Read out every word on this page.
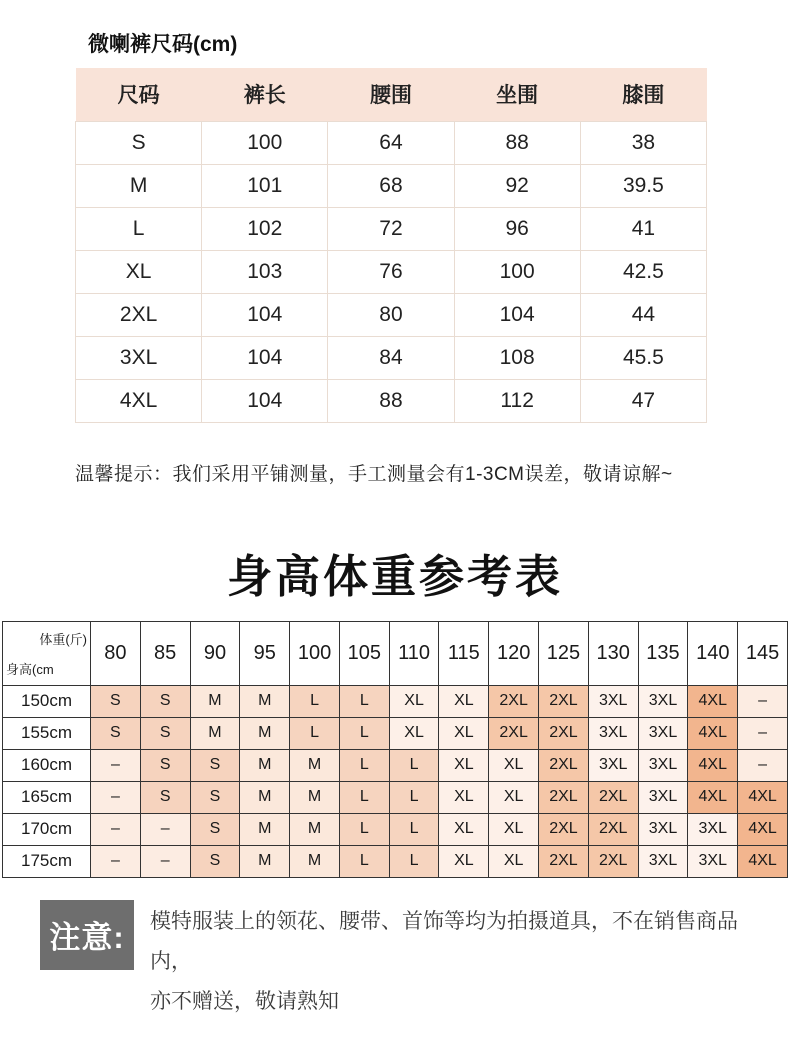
微喇裤尺码(cm)
尺码	裤长	腰围	坐围	膝围
S	100	64	88	38
M	101	68	92	39.5
L	102	72	96	41
XL	103	76	100	42.5
2XL	104	80	104	44
3XL	104	84	108	45.5
4XL	104	88	112	47

温馨提示：我们采用平铺测量，手工测量会有1-3CM误差，敬请谅解~

身高体重参考表
体重(斤)
身高(cm	80	85	90	95	100	105	110	115	120	125	130	135	140	145
150cm	S	S	M	M	L	L	XL	XL	2XL	2XL	3XL	3XL	4XL	–
155cm	S	S	M	M	L	L	XL	XL	2XL	2XL	3XL	3XL	4XL	–
160cm	–	S	S	M	M	L	L	XL	XL	2XL	3XL	3XL	4XL	–
165cm	–	S	S	M	M	L	L	XL	XL	2XL	2XL	3XL	4XL	4XL
170cm	–	–	S	M	M	L	L	XL	XL	2XL	2XL	3XL	3XL	4XL
175cm	–	–	S	M	M	L	L	XL	XL	2XL	2XL	3XL	3XL	4XL
注意:	模特服装上的领花、腰带、首饰等均为拍摄道具，不在销售商品内，
亦不赠送，敬请熟知
